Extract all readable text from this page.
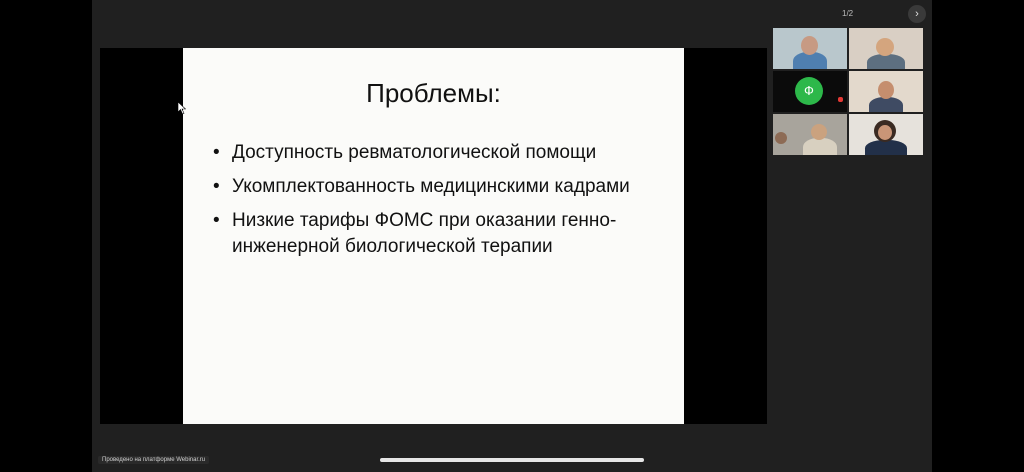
1/2	›
Проблемы:
• Доступность ревматологической помощи
• Укомплектованность медицинскими кадрами
• Низкие тарифы ФОМС при оказании генно-инженерной биологической терапии
Ф
Проведено на платформе Webinar.ru
